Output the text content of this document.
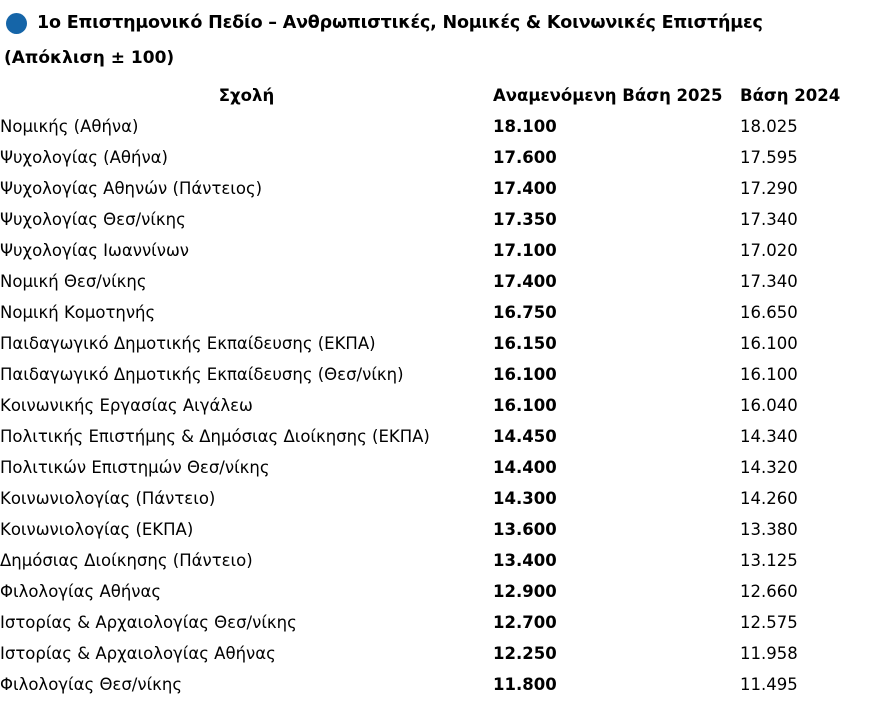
1ο Επιστημονικό Πεδίο – Ανθρωπιστικές, Νομικές & Κοινωνικές Επιστήμες
(Απόκλιση ± 100)
Σχολή	Αναμενόμενη Βάση 2025	Βάση 2024
Νομικής (Αθήνα)	18.100	18.025
Ψυχολογίας (Αθήνα)	17.600	17.595
Ψυχολογίας Αθηνών (Πάντειος)	17.400	17.290
Ψυχολογίας Θεσ/νίκης	17.350	17.340
Ψυχολογίας Ιωαννίνων	17.100	17.020
Νομική Θεσ/νίκης	17.400	17.340
Νομική Κομοτηνής	16.750	16.650
Παιδαγωγικό Δημοτικής Εκπαίδευσης (ΕΚΠΑ)	16.150	16.100
Παιδαγωγικό Δημοτικής Εκπαίδευσης (Θεσ/νίκη)	16.100	16.100
Κοινωνικής Εργασίας Αιγάλεω	16.100	16.040
Πολιτικής Επιστήμης & Δημόσιας Διοίκησης (ΕΚΠΑ)	14.450	14.340
Πολιτικών Επιστημών Θεσ/νίκης	14.400	14.320
Κοινωνιολογίας (Πάντειο)	14.300	14.260
Κοινωνιολογίας (ΕΚΠΑ)	13.600	13.380
Δημόσιας Διοίκησης (Πάντειο)	13.400	13.125
Φιλολογίας Αθήνας	12.900	12.660
Ιστορίας & Αρχαιολογίας Θεσ/νίκης	12.700	12.575
Ιστορίας & Αρχαιολογίας Αθήνας	12.250	11.958
Φιλολογίας Θεσ/νίκης	11.800	11.495
